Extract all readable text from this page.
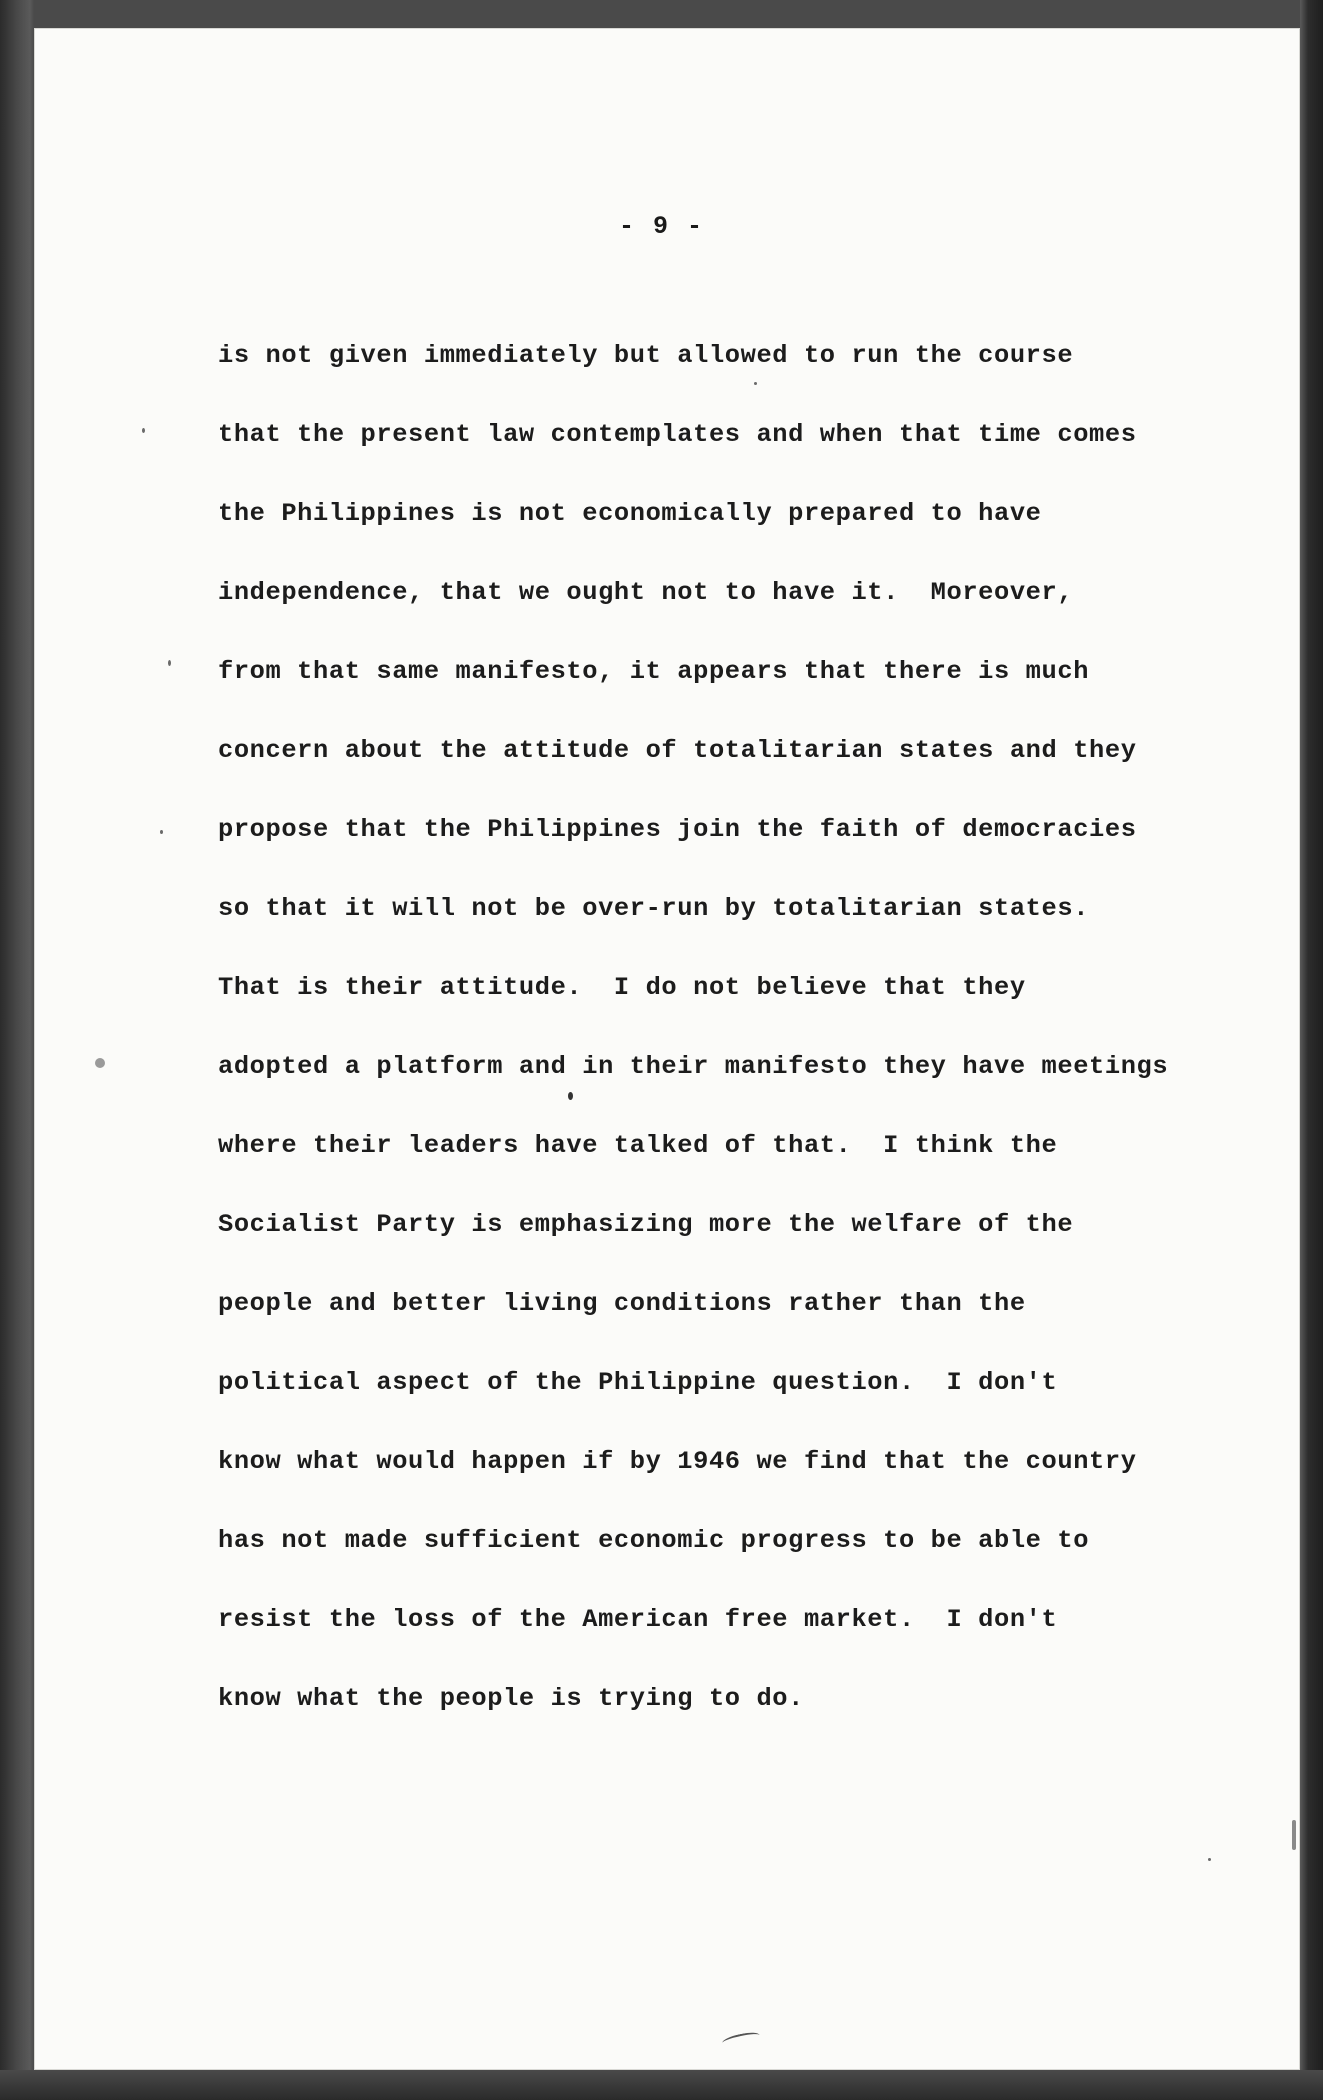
- 9 -
is not given immediately but allowed to run the course
that the present law contemplates and when that time comes
the Philippines is not economically prepared to have
independence, that we ought not to have it.  Moreover,
from that same manifesto, it appears that there is much
concern about the attitude of totalitarian states and they
propose that the Philippines join the faith of democracies
so that it will not be over-run by totalitarian states.
That is their attitude.  I do not believe that they
adopted a platform and in their manifesto they have meetings
where their leaders have talked of that.  I think the
Socialist Party is emphasizing more the welfare of the
people and better living conditions rather than the
political aspect of the Philippine question.  I don't
know what would happen if by 1946 we find that the country
has not made sufficient economic progress to be able to
resist the loss of the American free market.  I don't
know what the people is trying to do.
